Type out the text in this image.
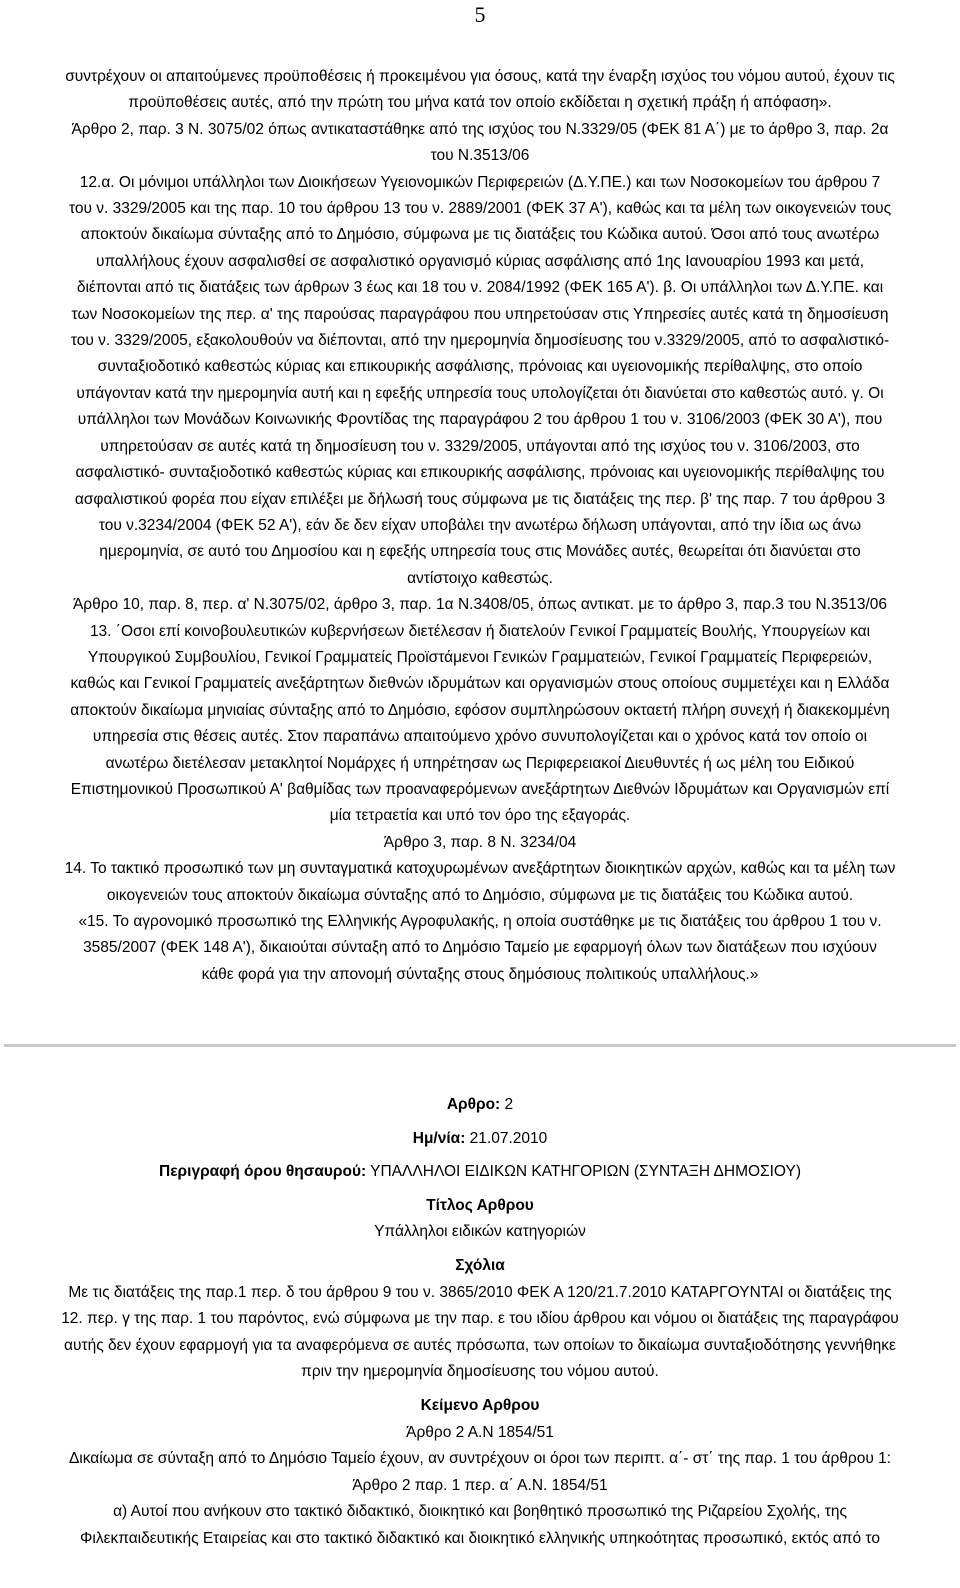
5
συντρέχουν οι απαιτούμενες προϋποθέσεις ή προκειμένου για όσους, κατά την έναρξη ισχύος του νόμου αυτού, έχουν τις
προϋποθέσεις αυτές, από την πρώτη του μήνα κατά τον οποίο εκδίδεται η σχετική πράξη ή απόφαση».
Άρθρο 2, παρ. 3 Ν. 3075/02 όπως αντικαταστάθηκε από της ισχύος του Ν.3329/05 (ΦΕΚ 81 Α΄) με το άρθρο 3, παρ. 2α
του Ν.3513/06
12.α. Οι μόνιμοι υπάλληλοι των Διοικήσεων Υγειονομικών Περιφερειών (Δ.Υ.ΠΕ.) και των Νοσοκομείων του άρθρου 7
του ν. 3329/2005 και της παρ. 10 του άρθρου 13 του ν. 2889/2001 (ΦΕΚ 37 Α'), καθώς και τα μέλη των οικογενειών τους
αποκτούν δικαίωμα σύνταξης από το Δημόσιο, σύμφωνα με τις διατάξεις του Κώδικα αυτού. Όσοι από τους ανωτέρω
υπαλλήλους έχουν ασφαλισθεί σε ασφαλιστικό οργανισμό κύριας ασφάλισης από 1ης Ιανουαρίου 1993 και μετά,
διέπονται από τις διατάξεις των άρθρων 3 έως και 18 του ν. 2084/1992 (ΦΕΚ 165 Α'). β. Οι υπάλληλοι των Δ.Υ.ΠΕ. και
των Νοσοκομείων της περ. α' της παρούσας παραγράφου που υπηρετούσαν στις Υπηρεσίες αυτές κατά τη δημοσίευση
του ν. 3329/2005, εξακολουθούν να διέπονται, από την ημερομηνία δημοσίευσης του ν.3329/2005, από το ασφαλιστικό-
συνταξιοδοτικό καθεστώς κύριας και επικουρικής ασφάλισης, πρόνοιας και υγειονομικής περίθαλψης, στο οποίο
υπάγονταν κατά την ημερομηνία αυτή και η εφεξής υπηρεσία τους υπολογίζεται ότι διανύεται στο καθεστώς αυτό. γ. Οι
υπάλληλοι των Μονάδων Κοινωνικής Φροντίδας της παραγράφου 2 του άρθρου 1 του ν. 3106/2003 (ΦΕΚ 30 Α'), που
υπηρετούσαν σε αυτές κατά τη δημοσίευση του ν. 3329/2005, υπάγονται από της ισχύος του ν. 3106/2003, στο
ασφαλιστικό- συνταξιοδοτικό καθεστώς κύριας και επικουρικής ασφάλισης, πρόνοιας και υγειονομικής περίθαλψης του
ασφαλιστικού φορέα που είχαν επιλέξει με δήλωσή τους σύμφωνα με τις διατάξεις της περ. β' της παρ. 7 του άρθρου 3
του ν.3234/2004 (ΦΕΚ 52 Α'), εάν δε δεν είχαν υποβάλει την ανωτέρω δήλωση υπάγονται, από την ίδια ως άνω
ημερομηνία, σε αυτό του Δημοσίου και η εφεξής υπηρεσία τους στις Μονάδες αυτές, θεωρείται ότι διανύεται στο
αντίστοιχο καθεστώς.
Άρθρο 10, παρ. 8, περ. α' Ν.3075/02, άρθρο 3, παρ. 1α Ν.3408/05, όπως αντικατ. με το άρθρο 3, παρ.3 του Ν.3513/06
13. ΄Οσοι επί κοινοβουλευτικών κυβερνήσεων διετέλεσαν ή διατελούν Γενικοί Γραμματείς Βουλής, Υπουργείων και
Υπουργικού Συμβουλίου, Γενικοί Γραμματείς Προϊστάμενοι Γενικών Γραμματειών, Γενικοί Γραμματείς Περιφερειών,
καθώς και Γενικοί Γραμματείς ανεξάρτητων διεθνών ιδρυμάτων και οργανισμών στους οποίους συμμετέχει και η Ελλάδα
αποκτούν δικαίωμα μηνιαίας σύνταξης από το Δημόσιο, εφόσον συμπληρώσουν οκταετή πλήρη συνεχή ή διακεκομμένη
υπηρεσία στις θέσεις αυτές. Στον παραπάνω απαιτούμενο χρόνο συνυπολογίζεται και ο χρόνος κατά τον οποίο οι
ανωτέρω διετέλεσαν μετακλητοί Νομάρχες ή υπηρέτησαν ως Περιφερειακοί Διευθυντές ή ως μέλη του Ειδικού
Επιστημονικού Προσωπικού Α' βαθμίδας των προαναφερόμενων ανεξάρτητων Διεθνών Ιδρυμάτων και Οργανισμών επί
μία τετραετία και υπό τον όρο της εξαγοράς.
Άρθρο 3, παρ. 8 Ν. 3234/04
14. Το τακτικό προσωπικό των μη συνταγματικά κατοχυρωμένων ανεξάρτητων διοικητικών αρχών, καθώς και τα μέλη των
οικογενειών τους αποκτούν δικαίωμα σύνταξης από το Δημόσιο, σύμφωνα με τις διατάξεις του Κώδικα αυτού.
«15. Το αγρονομικό προσωπικό της Ελληνικής Αγροφυλακής, η οποία συστάθηκε με τις διατάξεις του άρθρου 1 του ν.
3585/2007 (ΦΕΚ 148 Α'), δικαιούται σύνταξη από το Δημόσιο Ταμείο με εφαρμογή όλων των διατάξεων που ισχύουν
κάθε φορά για την απονομή σύνταξης στους δημόσιους πολιτικούς υπαλλήλους.»
Αρθρο: 2
Ημ/νία: 21.07.2010
Περιγραφή όρου θησαυρού: ΥΠΑΛΛΗΛΟΙ ΕΙΔΙΚΩΝ ΚΑΤΗΓΟΡΙΩΝ (ΣΥΝΤΑΞΗ ΔΗΜΟΣΙΟΥ)
Τίτλος Αρθρου
Υπάλληλοι ειδικών κατηγοριών
Σχόλια
Με τις διατάξεις της παρ.1 περ. δ του άρθρου 9 του ν. 3865/2010 ΦΕΚ Α 120/21.7.2010 ΚΑΤΑΡΓΟΥΝΤΑΙ οι διατάξεις της
12. περ. γ της παρ. 1 του παρόντος, ενώ σύμφωνα με την παρ. ε του ιδίου άρθρου και νόμου οι διατάξεις της παραγράφου
αυτής δεν έχουν εφαρμογή για τα αναφερόμενα σε αυτές πρόσωπα, των οποίων το δικαίωμα συνταξιοδότησης γεννήθηκε
πριν την ημερομηνία δημοσίευσης του νόμου αυτού.
Κείμενο Αρθρου
Άρθρο 2 Α.Ν 1854/51
Δικαίωμα σε σύνταξη από το Δημόσιο Ταμείο έχουν, αν συντρέχουν οι όροι των περιπτ. α΄- στ΄ της παρ. 1 του άρθρου 1:
Άρθρο 2 παρ. 1 περ. α΄ Α.Ν. 1854/51
α) Αυτοί που ανήκουν στο τακτικό διδακτικό, διοικητικό και βοηθητικό προσωπικό της Ριζαρείου Σχολής, της
Φιλεκπαιδευτικής Εταιρείας και στο τακτικό διδακτικό και διοικητικό ελληνικής υπηκοότητας προσωπικό, εκτός από το
